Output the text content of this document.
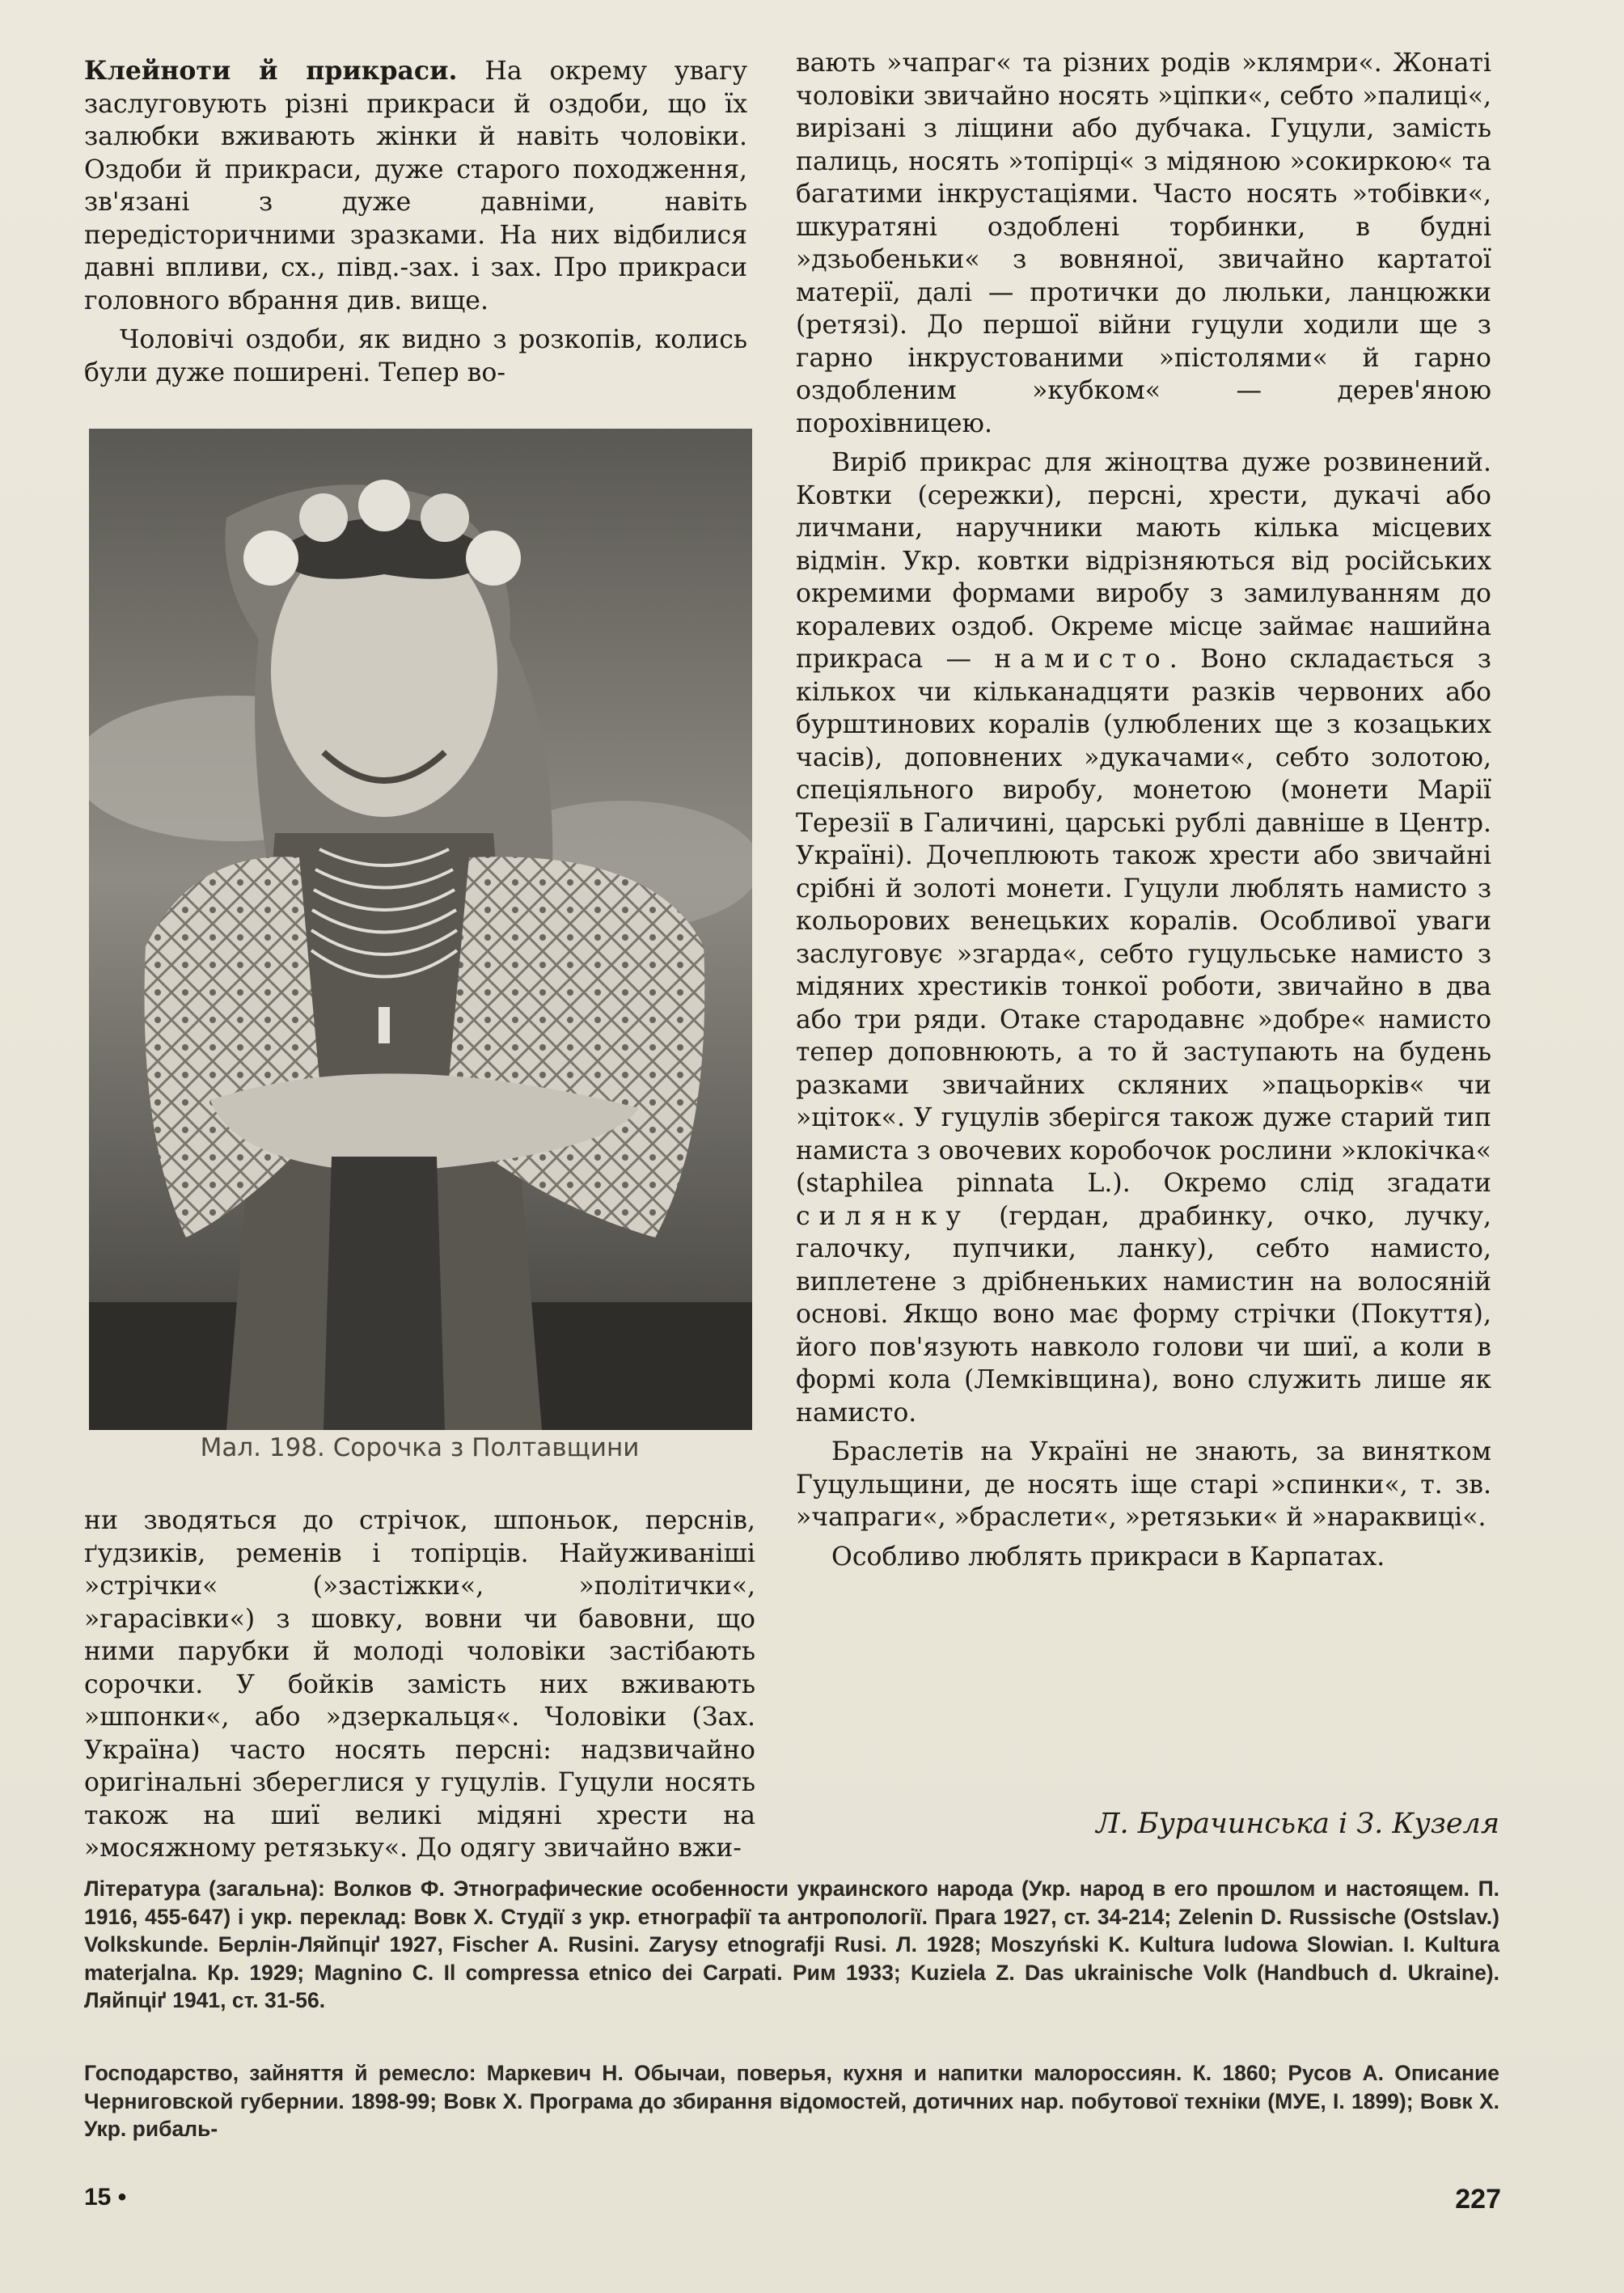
Клейноти й прикраси. На окрему увагу заслуговують різні прикраси й оздоби, що їх залюбки вживають жінки й навіть чоловіки. Оздоби й прикраси, дуже старого походження, зв'язані з дуже давніми, навіть передісторичними зразками. На них відбилися давні впливи, сх., півд.-зах. і зах. Про прикраси головного вбрання див. вище.

Чоловічі оздоби, як видно з розкопів, колись були дуже поширені. Тепер во-

Мал. 198. Сорочка з Полтавщини

ни зводяться до стрічок, шпоньок, перснів, ґудзиків, ременів і топірців. Найуживаніші »стрічки« (»застіжки«, »політички«, »гарасівки«) з шовку, вовни чи бавовни, що ними парубки й молоді чоловіки застібають сорочки. У бойків замість них вживають »шпонки«, або »дзеркальця«. Чоловіки (Зах. Україна) часто носять персні: надзвичайно оригінальні збереглися у гуцулів. Гуцули носять також на шиї великі мідяні хрести на »мосяжному ретязьку«. До одягу звичайно вжи-

вають »чапраг« та різних родів »клямри«. Жонаті чоловіки звичайно носять »ціпки«, себто »палиці«, вирізані з ліщини або дубчака. Гуцули, замість палиць, носять »топірці« з мідяною »сокиркою« та багатими інкрустаціями. Часто носять »тобівки«, шкуратяні оздоблені торбинки, в будні »дзьобеньки« з вовняної, звичайно картатої матерії, далі — протички до люльки, ланцюжки (ретязі). До першої війни гуцули ходили ще з гарно інкрустованими »пістолями« й гарно оздобленим »кубком« — дерев'яною порохівницею.

Виріб прикрас для жіноцтва дуже розвинений. Ковтки (сережки), персні, хрести, дукачі або личмани, наручники мають кілька місцевих відмін. Укр. ковтки відрізняються від російських окремими формами виробу з замилуванням до коралевих оздоб. Окреме місце займає нашийна прикраса — намисто. Воно складається з кількох чи кільканадцяти разків червоних або бурштинових коралів (улюблених ще з козацьких часів), доповнених »дукачами«, себто золотою, спеціяльного виробу, монетою (монети Марії Терезії в Галичині, царські рублі давніше в Центр. Україні). Дочеплюють також хрести або звичайні срібні й золоті монети. Гуцули люблять намисто з кольорових венецьких коралів. Особливої уваги заслуговує »згарда«, себто гуцульське намисто з мідяних хрестиків тонкої роботи, звичайно в два або три ряди. Отаке стародавнє »добре« намисто тепер доповнюють, а то й заступають на будень разками звичайних скляних »пацьорків« чи »ціток«. У гуцулів зберігся також дуже старий тип намиста з овочевих коробочок рослини »клокічка« (staphilea pinnata L.). Окремо слід згадати силянку (гердан, драбинку, очко, лучку, галочку, пупчики, ланку), себто намисто, виплетене з дрібненьких намистин на волосяній основі. Якщо воно має форму стрічки (Покуття), його пов'язують навколо голови чи шиї, а коли в формі кола (Лемківщина), воно служить лише як намисто.

Браслетів на Україні не знають, за винятком Гуцульщини, де носять іще старі »спинки«, т. зв. »чапраги«, »браслети«, »ретязьки« й »нараквиці«.

Особливо люблять прикраси в Карпатах.

Л. Бурачинська і З. Кузеля
Література (загальна): Волков Ф. Этнографические особенности украинского народа (Укр. народ в его прошлом и настоящем. П. 1916, 455-647) і укр. переклад: Вовк Х. Студії з укр. етнографії та антропології. Прага 1927, ст. 34-214; Zelenin D. Russische (Ostslav.) Volkskunde. Берлін-Ляйпціґ 1927, Fischer A. Rusini. Zarysy etnografji Rusi. Л. 1928; Moszyński K. Kultura ludowa Slowian. I. Kultura materjalna. Кр. 1929; Magnino C. Il compressa etnico dei Carpati. Рим 1933; Kuziela Z. Das ukrainische Volk (Handbuch d. Ukraine). Ляйпціґ 1941, ст. 31-56.
Господарство, зайняття й ремесло: Маркевич Н. Обычаи, поверья, кухня и напитки малороссиян. К. 1860; Русов А. Описание Черниговской губернии. 1898-99; Вовк Х. Програма до збирання відомостей, дотичних нар. побутової техніки (МУЕ, I. 1899); Вовк Х. Укр. рибаль-
15 •	227
